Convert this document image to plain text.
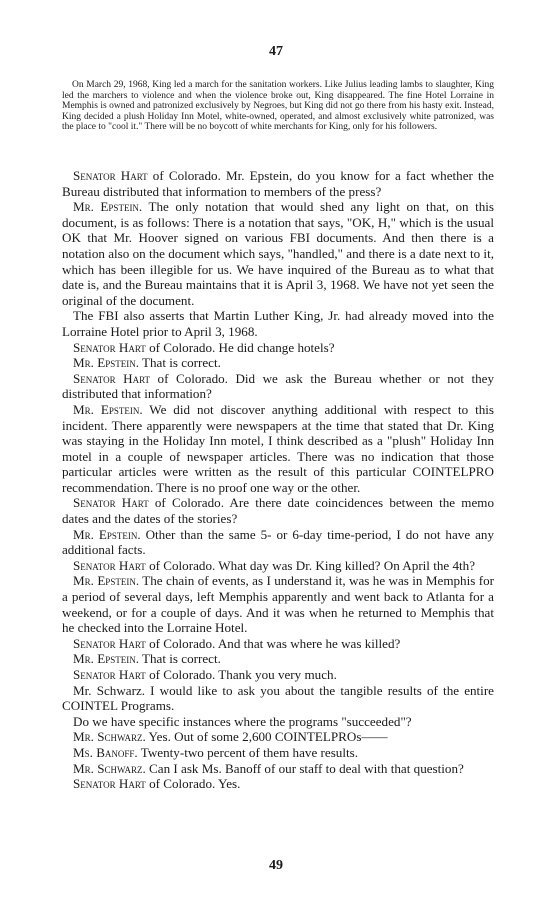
47

On March 29, 1968, King led a march for the sanitation workers. Like Julius leading lambs to slaughter, King led the marchers to violence and when the violence broke out, King disappeared. The fine Hotel Lorraine in Memphis is owned and patronized exclusively by Negroes, but King did not go there from his hasty exit. Instead, King decided a plush Holiday Inn Motel, white-owned, operated, and almost exclusively white patronized, was the place to "cool it." There will be no boycott of white merchants for King, only for his followers.

Senator Hart of Colorado. Mr. Epstein, do you know for a fact whether the Bureau distributed that information to members of the press?

Mr. Epstein. The only notation that would shed any light on that, on this document, is as follows: There is a notation that says, "OK, H," which is the usual OK that Mr. Hoover signed on various FBI documents. And then there is a notation also on the document which says, "handled," and there is a date next to it, which has been illegible for us. We have inquired of the Bureau as to what that date is, and the Bureau maintains that it is April 3, 1968. We have not yet seen the original of the document.

The FBI also asserts that Martin Luther King, Jr. had already moved into the Lorraine Hotel prior to April 3, 1968.

Senator Hart of Colorado. He did change hotels?

Mr. Epstein. That is correct.

Senator Hart of Colorado. Did we ask the Bureau whether or not they distributed that information?

Mr. Epstein. We did not discover anything additional with respect to this incident. There apparently were newspapers at the time that stated that Dr. King was staying in the Holiday Inn motel, I think described as a "plush" Holiday Inn motel in a couple of newspaper articles. There was no indication that those particular articles were written as the result of this particular COINTELPRO recommendation. There is no proof one way or the other.

Senator Hart of Colorado. Are there date coincidences between the memo dates and the dates of the stories?

Mr. Epstein. Other than the same 5- or 6-day time-period, I do not have any additional facts.

Senator Hart of Colorado. What day was Dr. King killed? On April the 4th?

Mr. Epstein. The chain of events, as I understand it, was he was in Memphis for a period of several days, left Memphis apparently and went back to Atlanta for a weekend, or for a couple of days. And it was when he returned to Memphis that he checked into the Lorraine Hotel.

Senator Hart of Colorado. And that was where he was killed?

Mr. Epstein. That is correct.

Senator Hart of Colorado. Thank you very much.

Mr. Schwarz. I would like to ask you about the tangible results of the entire COINTEL Programs.

Do we have specific instances where the programs "succeeded"?

Mr. Schwarz. Yes. Out of some 2,600 COINTELPROs——

Ms. Banoff. Twenty-two percent of them have results.

Mr. Schwarz. Can I ask Ms. Banoff of our staff to deal with that question?

Senator Hart of Colorado. Yes.

49
